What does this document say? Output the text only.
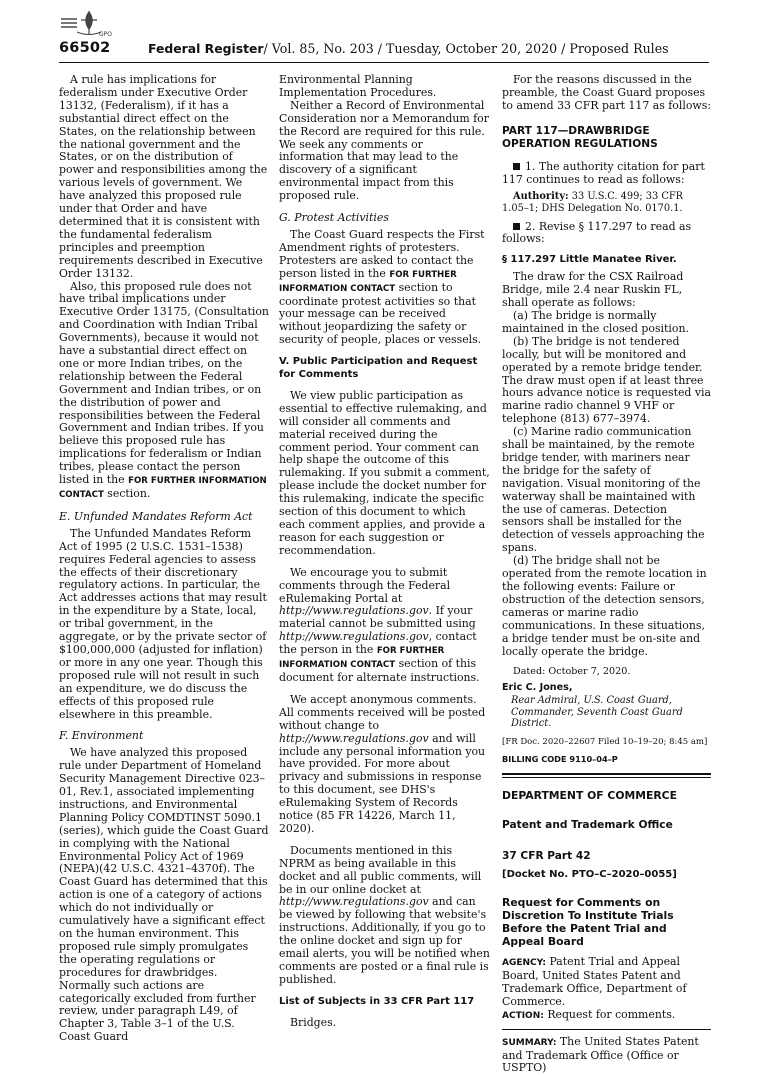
GPO
66502	Federal Register/ Vol. 85, No. 203 / Tuesday, October 20, 2020 / Proposed Rules

A rule has implications for federalism under Executive Order 13132, (Federalism), if it has a substantial direct effect on the States, on the relationship between the national government and the States, or on the distribution of power and responsibilities among the various levels of government. We have analyzed this proposed rule under that Order and have determined that it is consistent with the fundamental federalism principles and preemption requirements described in Executive Order 13132.

Also, this proposed rule does not have tribal implications under Executive Order 13175, (Consultation and Coordination with Indian Tribal Governments), because it would not have a substantial direct effect on one or more Indian tribes, on the relationship between the Federal Government and Indian tribes, or on the distribution of power and responsibilities between the Federal Government and Indian tribes. If you believe this proposed rule has implications for federalism or Indian tribes, please contact the person listed in the FOR FURTHER INFORMATION CONTACT section.

E. Unfunded Mandates Reform Act

The Unfunded Mandates Reform Act of 1995 (2 U.S.C. 1531–1538) requires Federal agencies to assess the effects of their discretionary regulatory actions. In particular, the Act addresses actions that may result in the expenditure by a State, local, or tribal government, in the aggregate, or by the private sector of $100,000,000 (adjusted for inflation) or more in any one year. Though this proposed rule will not result in such an expenditure, we do discuss the effects of this proposed rule elsewhere in this preamble.

F. Environment

We have analyzed this proposed rule under Department of Homeland Security Management Directive 023–01, Rev.1, associated implementing instructions, and Environmental Planning Policy COMDTINST 5090.1 (series), which guide the Coast Guard in complying with the National Environmental Policy Act of 1969 (NEPA)(42 U.S.C. 4321–4370f). The Coast Guard has determined that this action is one of a category of actions which do not individually or cumulatively have a significant effect on the human environment. This proposed rule simply promulgates the operating regulations or procedures for drawbridges. Normally such actions are categorically excluded from further review, under paragraph L49, of Chapter 3, Table 3–1 of the U.S. Coast Guard

Environmental Planning Implementation Procedures.

Neither a Record of Environmental Consideration nor a Memorandum for the Record are required for this rule. We seek any comments or information that may lead to the discovery of a significant environmental impact from this proposed rule.

G. Protest Activities

The Coast Guard respects the First Amendment rights of protesters. Protesters are asked to contact the person listed in the FOR FURTHER INFORMATION CONTACT section to coordinate protest activities so that your message can be received without jeopardizing the safety or security of people, places or vessels.

V. Public Participation and Request for Comments

We view public participation as essential to effective rulemaking, and will consider all comments and material received during the comment period. Your comment can help shape the outcome of this rulemaking. If you submit a comment, please include the docket number for this rulemaking, indicate the specific section of this document to which each comment applies, and provide a reason for each suggestion or recommendation.

We encourage you to submit comments through the Federal eRulemaking Portal at http://www.regulations.gov. If your material cannot be submitted using http://www.regulations.gov, contact the person in the FOR FURTHER INFORMATION CONTACT section of this document for alternate instructions.

We accept anonymous comments. All comments received will be posted without change to http://www.regulations.gov and will include any personal information you have provided. For more about privacy and submissions in response to this document, see DHS's eRulemaking System of Records notice (85 FR 14226, March 11, 2020).

Documents mentioned in this NPRM as being available in this docket and all public comments, will be in our online docket at http://www.regulations.gov and can be viewed by following that website's instructions. Additionally, if you go to the online docket and sign up for email alerts, you will be notified when comments are posted or a final rule is published.

List of Subjects in 33 CFR Part 117

Bridges.

For the reasons discussed in the preamble, the Coast Guard proposes to amend 33 CFR part 117 as follows:

PART 117—DRAWBRIDGE OPERATION REGULATIONS

1. The authority citation for part 117 continues to read as follows:

Authority: 33 U.S.C. 499; 33 CFR 1.05–1; DHS Delegation No. 0170.1.

2. Revise § 117.297 to read as follows:

§ 117.297 Little Manatee River.

The draw for the CSX Railroad Bridge, mile 2.4 near Ruskin FL, shall operate as follows:

(a) The bridge is normally maintained in the closed position.

(b) The bridge is not tendered locally, but will be monitored and operated by a remote bridge tender. The draw must open if at least three hours advance notice is requested via marine radio channel 9 VHF or telephone (813) 677–3974.

(c) Marine radio communication shall be maintained, by the remote bridge tender, with mariners near the bridge for the safety of navigation. Visual monitoring of the waterway shall be maintained with the use of cameras. Detection sensors shall be installed for the detection of vessels approaching the spans.

(d) The bridge shall not be operated from the remote location in the following events: Failure or obstruction of the detection sensors, cameras or marine radio communications. In these situations, a bridge tender must be on-site and locally operate the bridge.

Dated: October 7, 2020.

Eric C. Jones,

Rear Admiral, U.S. Coast Guard, Commander, Seventh Coast Guard District.

[FR Doc. 2020–22607 Filed 10–19–20; 8:45 am]

BILLING CODE 9110–04–P

DEPARTMENT OF COMMERCE

Patent and Trademark Office

37 CFR Part 42

[Docket No. PTO–C–2020–0055]

Request for Comments on Discretion To Institute Trials Before the Patent Trial and Appeal Board

AGENCY: Patent Trial and Appeal Board, United States Patent and Trademark Office, Department of Commerce.

ACTION: Request for comments.

SUMMARY: The United States Patent and Trademark Office (Office or USPTO)
